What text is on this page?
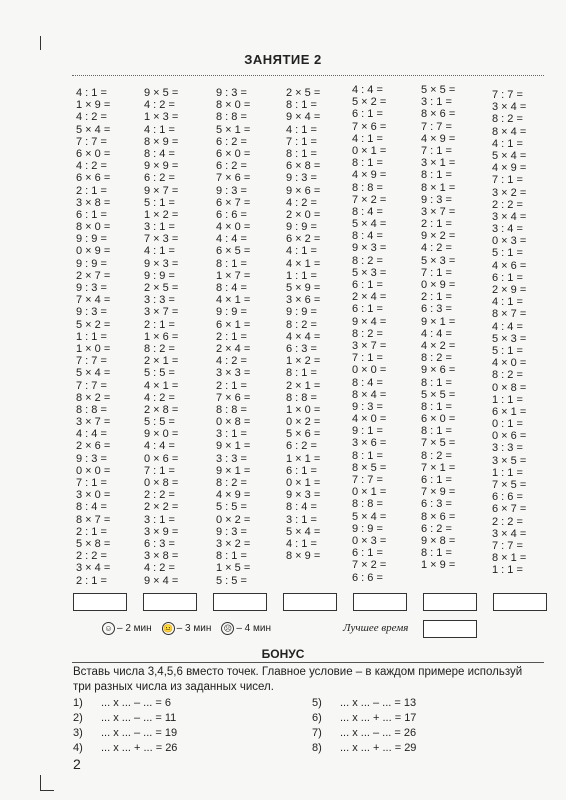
ЗАНЯТИЕ 2
4 : 1 =
1 × 9 =
4 : 2 =
5 × 4 =
7 : 7 =
6 × 0 =
4 : 2 =
6 × 6 =
2 : 1 =
3 × 8 =
6 : 1 =
8 × 0 =
9 : 9 =
0 × 9 =
9 : 9 =
2 × 7 =
9 : 3 =
7 × 4 =
9 : 3 =
5 × 2 =
1 : 1 =
1 × 0 =
7 : 7 =
5 × 4 =
7 : 7 =
8 × 2 =
8 : 8 =
3 × 7 =
4 : 4 =
2 × 6 =
9 : 3 =
0 × 0 =
7 : 1 =
3 × 0 =
8 : 4 =
8 × 7 =
2 : 1 =
5 × 8 =
2 : 2 =
3 × 4 =
2 : 1 =
9 × 5 =
4 : 2 =
1 × 3 =
4 : 1 =
8 × 9 =
8 : 4 =
9 × 9 =
6 : 2 =
9 × 7 =
5 : 1 =
1 × 2 =
3 : 1 =
7 × 3 =
4 : 1 =
9 × 3 =
9 : 9 =
2 × 5 =
3 : 3 =
3 × 7 =
2 : 1 =
1 × 6 =
8 : 2 =
2 × 1 =
5 : 5 =
4 × 1 =
4 : 2 =
2 × 8 =
5 : 5 =
9 × 0 =
4 : 4 =
0 × 6 =
7 : 1 =
0 × 8 =
2 : 2 =
2 × 2 =
3 : 1 =
3 × 9 =
6 : 3 =
3 × 8 =
4 : 2 =
9 × 4 =
9 : 3 =
8 × 0 =
8 : 8 =
5 × 1 =
6 : 2 =
6 × 0 =
6 : 2 =
7 × 6 =
9 : 3 =
6 × 7 =
6 : 6 =
4 × 0 =
4 : 4 =
6 × 5 =
8 : 1 =
1 × 7 =
8 : 4 =
4 × 1 =
9 : 9 =
6 × 1 =
2 : 1 =
2 × 4 =
4 : 2 =
3 × 3 =
2 : 1 =
7 × 6 =
8 : 8 =
0 × 8 =
3 : 1 =
9 × 1 =
3 : 3 =
9 × 1 =
8 : 2 =
4 × 9 =
5 : 5 =
0 × 2 =
9 : 3 =
3 × 2 =
8 : 1 =
1 × 5 =
5 : 5 =
2 × 5 =
8 : 1 =
9 × 4 =
4 : 1 =
7 : 1 =
8 : 1 =
6 × 8 =
9 : 3 =
9 × 6 =
4 : 2 =
2 × 0 =
9 : 9 =
6 × 2 =
4 : 1 =
4 × 1 =
1 : 1 =
5 × 9 =
3 × 6 =
9 : 9 =
8 : 2 =
4 × 4 =
6 : 3 =
1 × 2 =
8 : 1 =
2 × 1 =
8 : 8 =
1 × 0 =
0 × 2 =
5 × 6 =
6 : 2 =
1 × 1 =
6 : 1 =
0 × 1 =
9 × 3 =
8 : 4 =
3 : 1 =
5 × 4 =
4 : 1 =
8 × 9 =
4 : 4 =
5 × 2 =
6 : 1 =
7 × 6 =
4 : 1 =
0 × 1 =
8 : 1 =
4 × 9 =
8 : 8 =
7 × 2 =
8 : 4 =
5 × 4 =
8 : 4 =
9 × 3 =
8 : 2 =
5 × 3 =
6 : 1 =
2 × 4 =
6 : 1 =
9 × 4 =
8 : 2 =
3 × 7 =
7 : 1 =
0 × 0 =
8 : 4 =
8 × 4 =
9 : 3 =
4 × 0 =
9 : 1 =
3 × 6 =
8 : 1 =
8 × 5 =
7 : 7 =
0 × 1 =
8 : 8 =
5 × 4 =
9 : 9 =
0 × 3 =
6 : 1 =
7 × 2 =
6 : 6 =
5 × 5 =
3 : 1 =
8 × 6 =
7 : 7 =
4 × 9 =
7 : 1 =
3 × 1 =
8 : 1 =
8 × 1 =
9 : 3 =
3 × 7 =
2 : 1 =
9 × 2 =
4 : 2 =
5 × 3 =
7 : 1 =
0 × 9 =
2 : 1 =
6 : 3 =
9 × 1 =
4 : 4 =
4 × 2 =
8 : 2 =
9 × 6 =
8 : 1 =
5 × 5 =
8 : 1 =
6 × 0 =
8 : 1 =
7 × 5 =
8 : 2 =
7 × 1 =
6 : 1 =
7 × 9 =
6 : 3 =
8 × 6 =
6 : 2 =
9 × 8 =
8 : 1 =
1 × 9 =
7 : 7 =
3 × 4 =
8 : 2 =
8 × 4 =
4 : 1 =
5 × 4 =
4 × 9 =
7 : 1 =
3 × 2 =
2 : 2 =
3 × 4 =
3 : 4 =
0 × 3 =
5 : 1 =
4 × 6 =
6 : 1 =
2 × 9 =
4 : 1 =
8 × 7 =
4 : 4 =
5 × 3 =
5 : 1 =
4 × 0 =
8 : 2 =
0 × 8 =
1 : 1 =
6 × 1 =
0 : 1 =
0 × 6 =
3 : 3 =
3 × 5 =
1 : 1 =
7 × 5 =
6 : 6 =
6 × 7 =
2 : 2 =
3 × 4 =
7 : 7 =
8 × 1 =
1 : 1 =
☺ – 2 мин 😐 – 3 мин ☹ – 4 мин	Лучшее время
БОНУС
Вставь числа 3,4,5,6 вместо точек. Главное условие – в каждом примере используй три разных числа из заданных чисел.
1) ... х ... – ... = 6
2) ... х ... – ... = 11
3) ... х ... – ... = 19
4) ... х ... + ... = 26
5) ... х ... – ... = 13
6) ... х ... + ... = 17
7) ... х ... – ... = 26
8) ... х ... + ... = 29
2
